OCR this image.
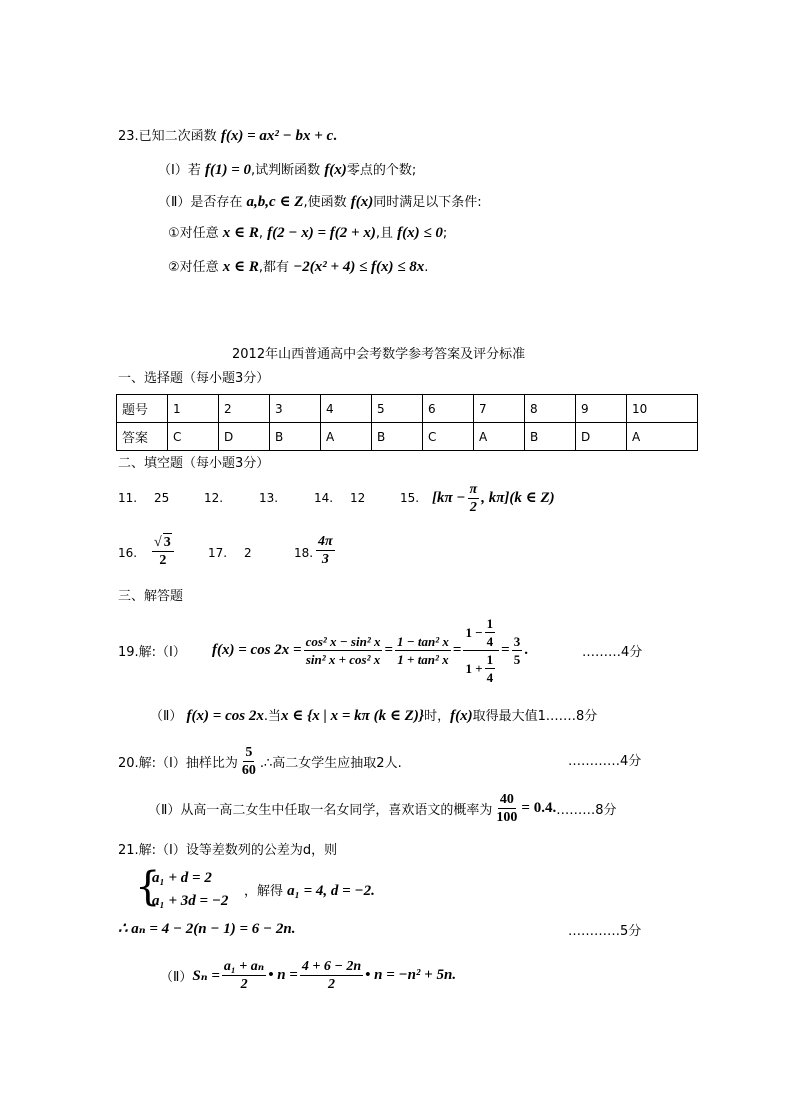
23.已知二次函数 f(x) = ax² − bx + c.
（Ⅰ）若 f(1) = 0,试判断函数 f(x)零点的个数;
（Ⅱ）是否存在 a,b,c ∈ Z,使函数 f(x)同时满足以下条件:
①对任意 x ∈ R, f(2 − x) = f(2 + x),且 f(x) ≤ 0;
②对任意 x ∈ R,都有 −2(x² + 4) ≤ f(x) ≤ 8x.
2012年山西普通高中会考数学参考答案及评分标准
一、选择题（每小题3分）
题号	1	2	3	4	5	6	7	8	9	10
答案	C	D	B	A	B	C	A	B	D	A
二、填空题（每小题3分）
11. 25	12.	13.	14. 12	15. [$k\pi - \frac{\pi}{2}$ , kπ](k ∈ Z)
16.	17. 2	18.
$\frac{√ 3}{2}$	$\frac{4\pi}{3}$
三、解答题
19.解:（Ⅰ） $f(x) = \cos 2x = \frac{\text{cos² x − sin² x}}{\text{sin² x + cos² x}} = \frac{\text{1 − tan² x}}{\text{1 + tan² x}} = \frac{1 - \frac{1}{4}}{1 + \frac{1}{4}} = \frac{3}{5}$ .	………4分
（Ⅱ） f(x) = cos 2x.当x ∈ {x | x = kπ (k ∈ Z)}时，f(x)取得最大值1.……8分
20.解:（Ⅰ）抽样比为 $\frac{5}{60}$ .∴高二女学生应抽取2人.	…………4分
（Ⅱ）从高一高二女生中任取一名女同学，喜欢语文的概率为 $\frac{40}{100} = 0.4$. ………8分
21.解:（Ⅰ）设等差数列的公差为d，则
{
a₁ + d = 2
a₁ + 3d = −2
，解得 a₁ = 4, d = −2.
∴ aₙ = 4 − 2(n − 1) = 6 − 2n.	…………5分
（Ⅱ） $S_n = \frac{\text{a₁ + aₙ}}{2}$ • $n = \frac{4 + 6 - 2n}{2}$ • n = −n² + 5n.
